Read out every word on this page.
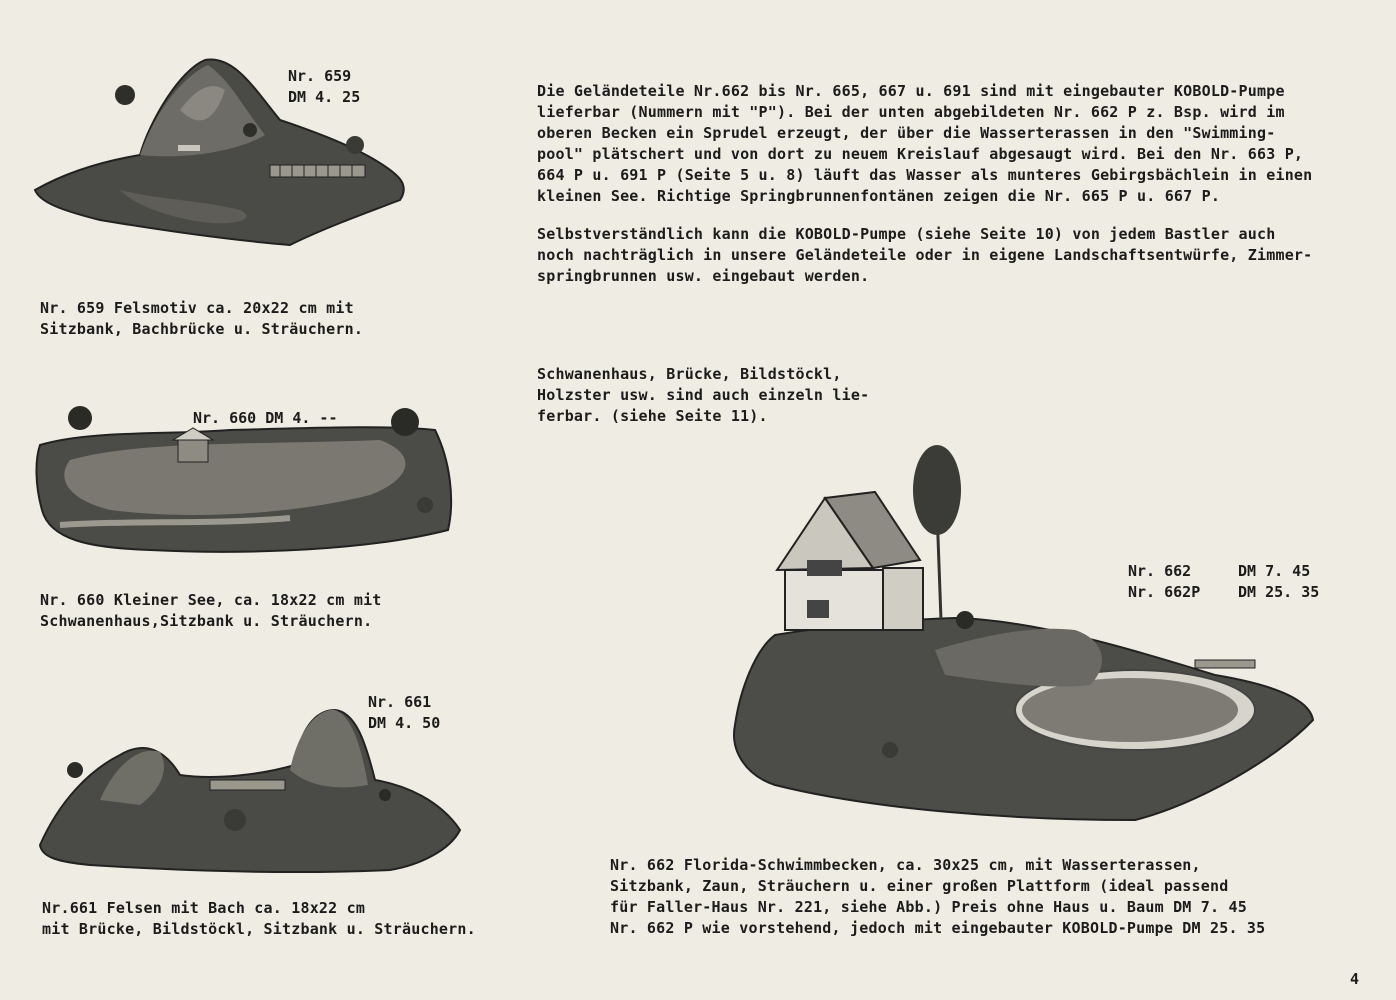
Nr. 659
DM 4. 25
Nr. 659 Felsmotiv ca. 20x22 cm mit
Sitzbank, Bachbrücke u. Sträuchern.
Nr. 660 DM 4. --
Nr. 660 Kleiner See, ca. 18x22 cm mit
Schwanenhaus,Sitzbank u. Sträuchern.
Nr. 661
DM 4. 50
Nr.661 Felsen mit Bach ca. 18x22 cm
mit Brücke, Bildstöckl, Sitzbank u. Sträuchern.
Die Geländeteile Nr.662 bis Nr. 665, 667 u. 691 sind mit eingebauter KOBOLD-Pumpe
lieferbar (Nummern mit "P"). Bei der unten abgebildeten Nr. 662 P z. Bsp. wird im
oberen Becken ein Sprudel erzeugt, der über die Wasserterassen in den "Swimming-
pool" plätschert und von dort zu neuem Kreislauf abgesaugt wird. Bei den Nr. 663 P,
664 P u. 691 P (Seite 5 u. 8) läuft das Wasser als munteres Gebirgsbächlein in einen
kleinen See. Richtige Springbrunnenfontänen zeigen die Nr. 665 P u. 667 P.
Selbstverständlich kann die KOBOLD-Pumpe (siehe Seite 10) von jedem Bastler auch
noch nachträglich in unsere Geländeteile oder in eigene Landschaftsentwürfe, Zimmer-
springbrunnen usw. eingebaut werden.
Schwanenhaus, Brücke, Bildstöckl,
Holzster usw. sind auch einzeln lie-
ferbar. (siehe Seite 11).
Nr. 662	DM 7. 45
Nr. 662P	DM 25. 35
Nr. 662 Florida-Schwimmbecken, ca. 30x25 cm, mit Wasserterassen,
Sitzbank, Zaun, Sträuchern u. einer großen Plattform (ideal passend
für Faller-Haus Nr. 221, siehe Abb.) Preis ohne Haus u. Baum DM 7. 45
Nr. 662 P wie vorstehend, jedoch mit eingebauter KOBOLD-Pumpe DM 25. 35
4
